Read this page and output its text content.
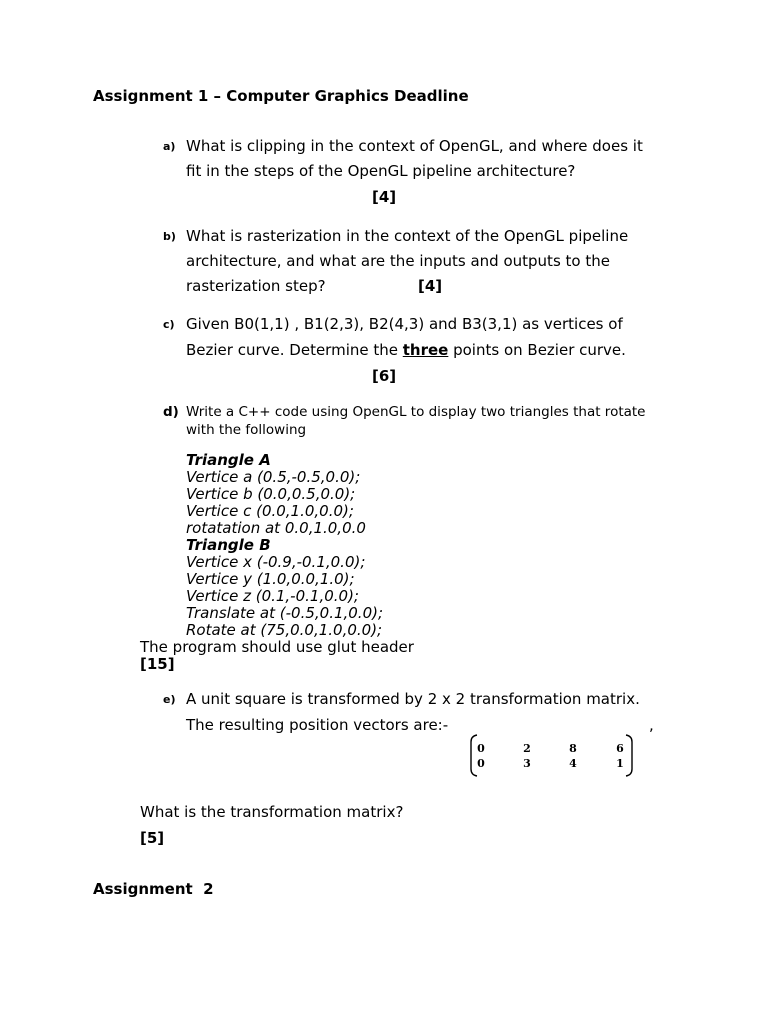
Assignment 1 – Computer Graphics Deadline
a) What is clipping in the context of OpenGL, and where does it
fit in the steps of the OpenGL pipeline architecture?
[4]
b) What is rasterization in the context of the OpenGL pipeline
architecture, and what are the inputs and outputs to the
rasterization step?	[4]
c) Given B0(1,1) , B1(2,3), B2(4,3) and B3(3,1) as vertices of
Bezier curve. Determine the three points on Bezier curve.
[6]
d) Write a C++ code using OpenGL to display two triangles that rotate
with the following
Triangle A
Vertice a (0.5,-0.5,0.0);
Vertice b (0.0,0.5,0.0);
Vertice c (0.0,1.0,0.0);
rotatation at 0.0,1.0,0.0
Triangle B
Vertice x (-0.9,-0.1,0.0);
Vertice y (1.0,0.0,1.0);
Vertice z (0.1,-0.1,0.0);
Translate at (-0.5,0.1,0.0);
Rotate at (75,0.0,1.0,0.0);
The program should use glut header
[15]
e) A unit square is transformed by 2 x 2 transformation matrix.
The resulting position vectors are:-	,
0	2	8	6
0	3	4	1
What is the transformation matrix?
[5]
Assignment  2
